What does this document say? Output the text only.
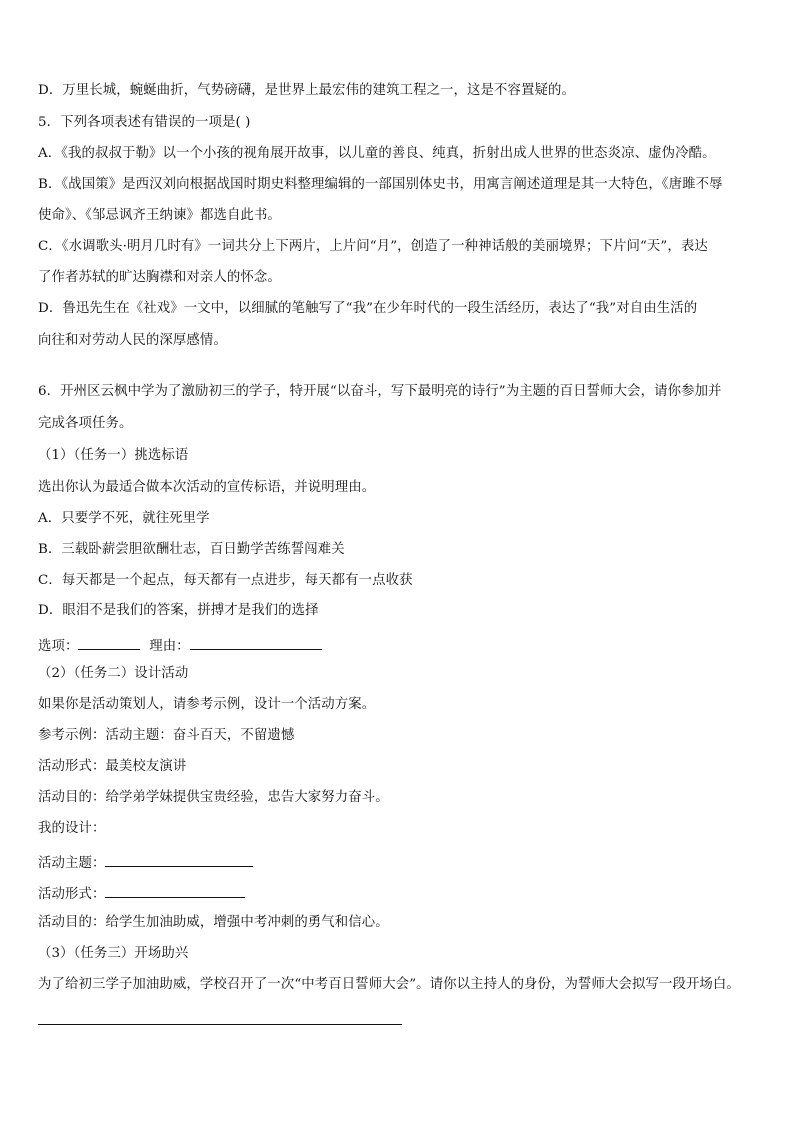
D．万里长城，蜿蜒曲折，气势磅礴，是世界上最宏伟的建筑工程之一，这是不容置疑的。
5．下列各项表述有错误的一项是( )
A．《我的叔叔于勒》以一个小孩的视角展开故事，以儿童的善良、纯真，折射出成人世界的世态炎凉、虚伪冷酷。
B．《战国策》是西汉刘向根据战国时期史料整理编辑的一部国别体史书，用寓言阐述道理是其一大特色，《唐雎不辱
使命》、《邹忌讽齐王纳谏》都选自此书。
C．《水调歌头·明月几时有》一词共分上下两片，上片问“月”，创造了一种神话般的美丽境界；下片问“天”，表达
了作者苏轼的旷达胸襟和对亲人的怀念。
D．鲁迅先生在《社戏》一文中，以细腻的笔触写了“我”在少年时代的一段生活经历，表达了“我”对自由生活的
向往和对劳动人民的深厚感情。
6．开州区云枫中学为了激励初三的学子，特开展“以奋斗，写下最明亮的诗行”为主题的百日誓师大会，请你参加并
完成各项任务。
（1）（任务一）挑选标语
选出你认为最适合做本次活动的宣传标语，并说明理由。
A．只要学不死，就往死里学
B．三载卧薪尝胆欲酬壮志，百日勤学苦练誓闯难关
C．每天都是一个起点，每天都有一点进步，每天都有一点收获
D．眼泪不是我们的答案，拼搏才是我们的选择
选项：	理由：
（2）（任务二）设计活动
如果你是活动策划人，请参考示例，设计一个活动方案。
参考示例：活动主题：奋斗百天，不留遗憾
活动形式：最美校友演讲
活动目的：给学弟学妹提供宝贵经验，忠告大家努力奋斗。
我的设计：
活动主题：
活动形式：
活动目的：给学生加油助威，增强中考冲刺的勇气和信心。
（3）（任务三）开场助兴
为了给初三学子加油助威，学校召开了一次“中考百日誓师大会”。请你以主持人的身份，为誓师大会拟写一段开场白。
